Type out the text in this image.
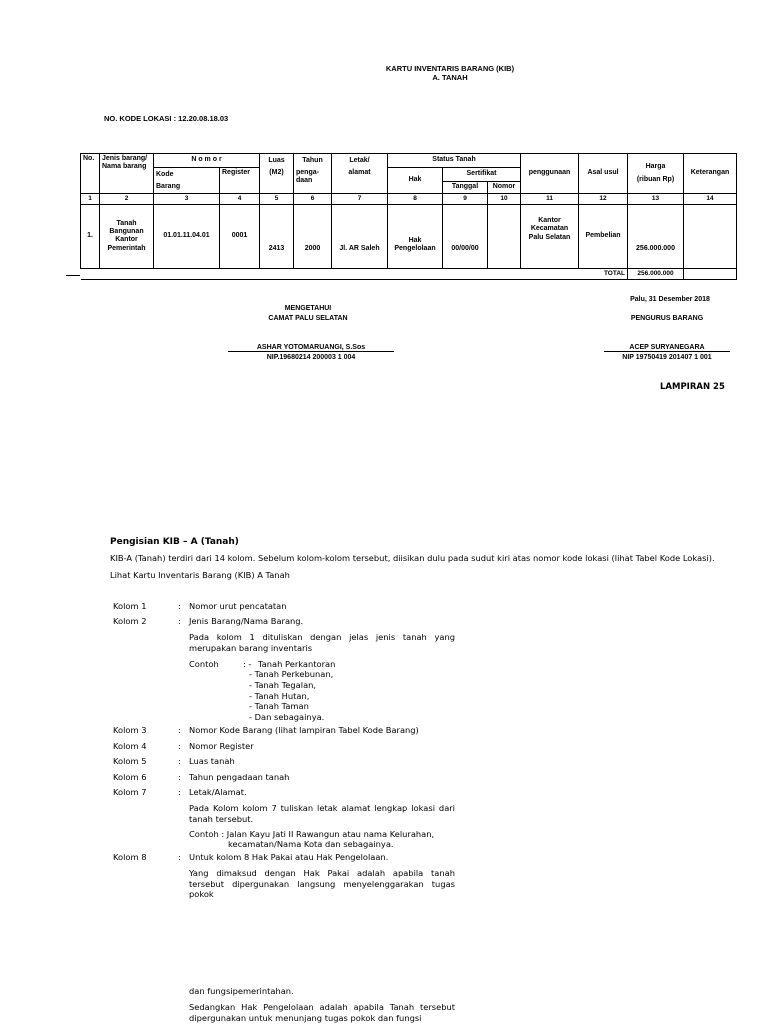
KARTU INVENTARIS BARANG (KIB)
A. TANAH
NO. KODE LOKASI : 12.20.08.18.03
No.	Jenis barang/ Nama barang	N o m o r		Luas	Tahun	Letak/	Status Tanah			penggunaan	Asal usul	Harga
(ribuan Rp)	Keterangan
		Kode	Register	(M2)	penga- daan	alamat	Hak	Sertifikat					
		Barang						Tanggal	Nomor				
1	2	3	4	5	6	7	8	9	10	11	12	13	14
1.	Tanah Bangunan Kantor Pemerintah	01.01.11.04.01	0001	2413	2000	Jl. AR Saleh	Hak Pengelolaan	00/00/00		Kantor Kecamatan Palu Selatan	Pembelian	256.000.000	
TOTAL												256.000.000	
Palu, 31 Desember 2018
MENGETAHUI
CAMAT PALU SELATAN
ASHAR YOTOMARUANGI, S.Sos
NIP.19680214 200003 1 004
PENGURUS BARANG
ACEP SURYANEGARA
NIP 19750419 201407 1 001
LAMPIRAN 25
Pengisian KIB – A (Tanah)
KIB-A (Tanah) terdiri dari 14 kolom. Sebelum kolom-kolom tersebut, diisikan dulu pada sudut kiri atas nomor kode lokasi (lihat Tabel Kode Lokasi).
Lihat Kartu Inventaris Barang (KIB) A Tanah
Kolom 1	: Nomor urut pencatatan
Kolom 2	: Jenis Barang/Nama Barang.
Pada kolom 1 dituliskan dengan jelas jenis tanah yang merupakan barang inventaris
Contoh	: - Tanah Perkantoran
- Tanah Perkebunan,
- Tanah Tegalan,
- Tanah Hutan,
- Tanah Taman
- Dan sebagainya.
Kolom 3	: Nomor Kode Barang (lihat lampiran Tabel Kode Barang)
Kolom 4	: Nomor Register
Kolom 5	: Luas tanah
Kolom 6	: Tahun pengadaan tanah
Kolom 7	: Letak/Alamat.
Pada Kolom kolom 7 tuliskan letak alamat lengkap lokasi dari tanah tersebut.
Contoh : Jalan Kayu Jati II Rawangun atau nama Kelurahan,
kecamatan/Nama Kota dan sebagainya.
Kolom 8	: Untuk kolom 8 Hak Pakai atau Hak Pengelolaan.
Yang dimaksud dengan Hak Pakai adalah apabila tanah tersebut dipergunakan langsung menyelenggarakan tugas pokok
dan fungsipemerintahan.
Sedangkan Hak Pengelolaan adalah apabila Tanah tersebut dipergunakan untuk menunjang tugas pokok dan fungsi
